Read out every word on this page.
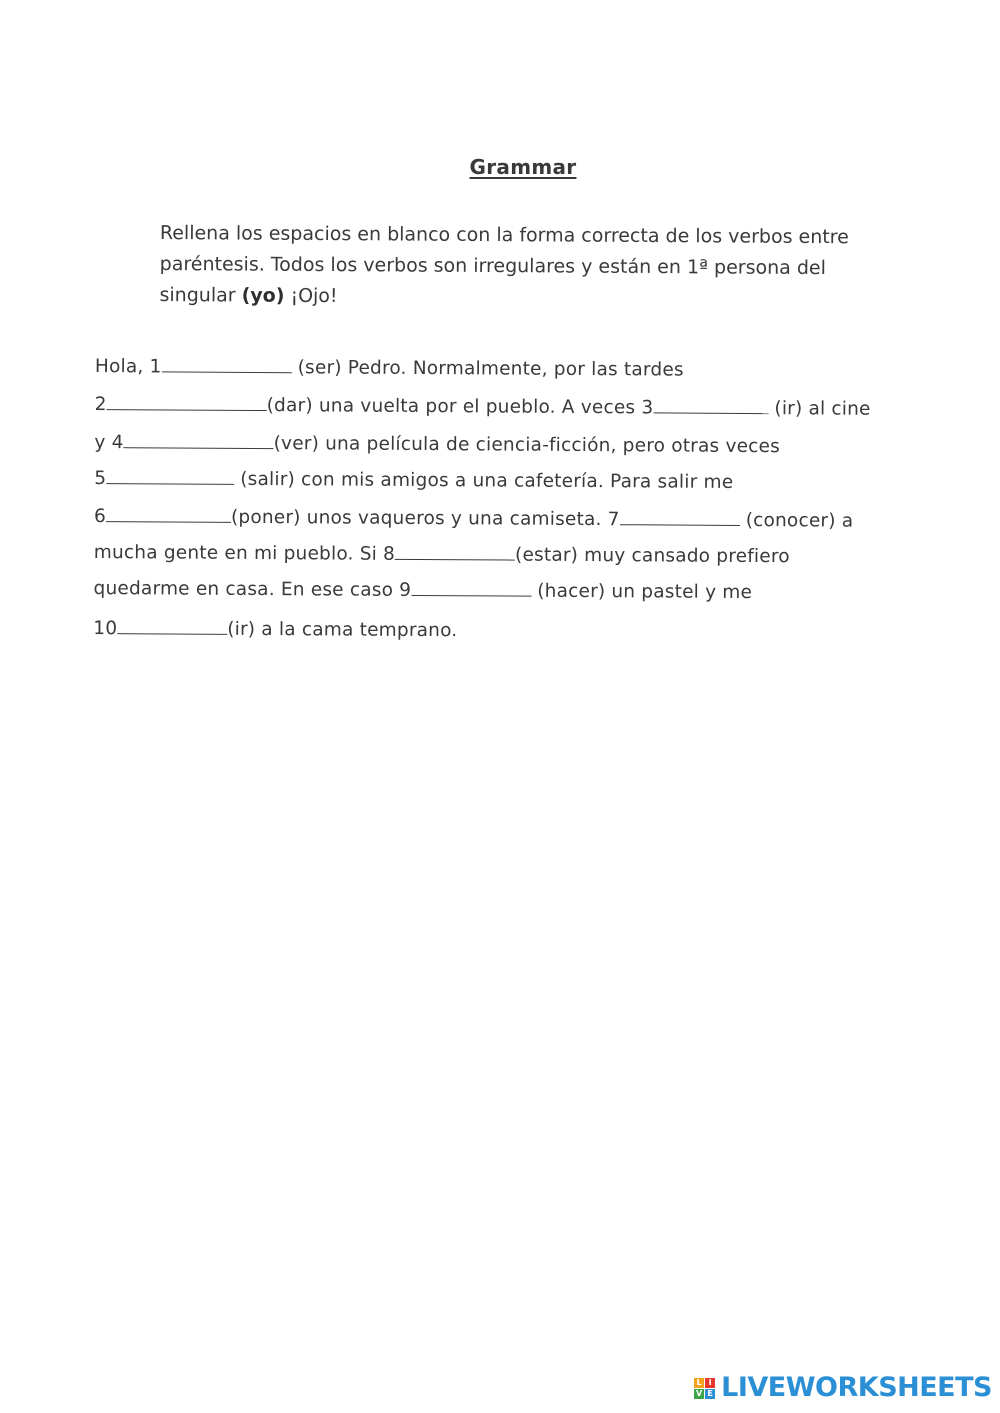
Grammar

Rellena los espacios en blanco con la forma correcta de los verbos entre

paréntesis. Todos los verbos son irregulares y están en 1ª persona del

singular (yo) ¡Ojo!

Hola, 1	(ser) Pedro. Normalmente, por las tardes
2	(dar) una vuelta por el pueblo. A veces 3	(ir) al cine
y 4	(ver) una película de ciencia-ficción, pero otras veces
5	(salir) con mis amigos a una cafetería. Para salir me
6	(poner) unos vaqueros y una camiseta. 7	(conocer) a
mucha gente en mi pueblo. Si 8	(estar) muy cansado prefiero
quedarme en casa. En ese caso 9	(hacer) un pastel y me
10	(ir) a la cama temprano.
L I
V E LIVEWORKSHEETS
